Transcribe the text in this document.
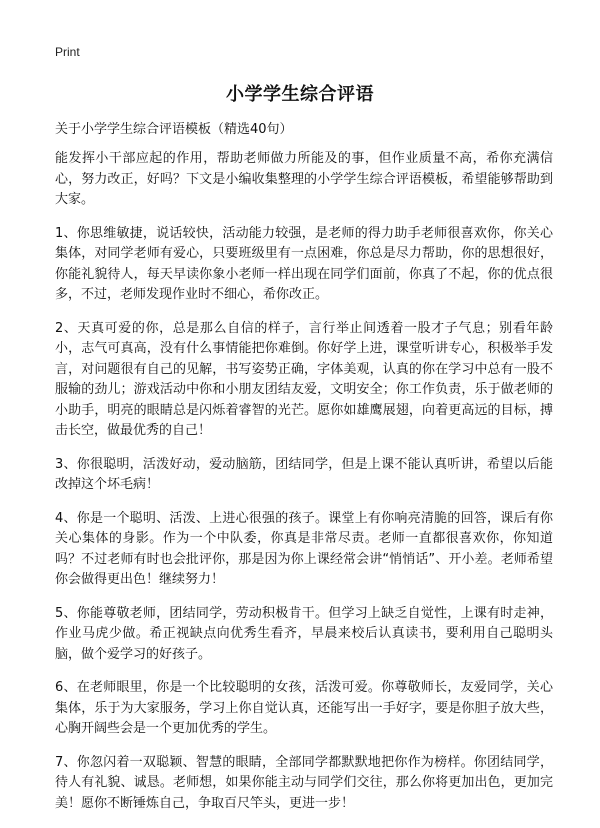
Print
小学学生综合评语
关于小学学生综合评语模板（精选40句）

能发挥小干部应起的作用，帮助老师做力所能及的事，但作业质量不高，希你充满信心，努力改正，好吗？下文是小编收集整理的小学学生综合评语模板，希望能够帮助到大家。

1、你思维敏捷，说话较快，活动能力较强，是老师的得力助手老师很喜欢你，你关心集体，对同学老师有爱心，只要班级里有一点困难，你总是尽力帮助，你的思想很好，你能礼貌待人，每天早读你象小老师一样出现在同学们面前，你真了不起，你的优点很多，不过，老师发现作业时不细心，希你改正。

2、天真可爱的你，总是那么自信的样子，言行举止间透着一股才子气息；别看年龄小，志气可真高，没有什么事情能把你难倒。你好学上进，课堂听讲专心，积极举手发言，对问题很有自己的见解，书写姿势正确，字体美观，认真的你在学习中总有一股不服输的劲儿；游戏活动中你和小朋友团结友爱，文明安全；你工作负责，乐于做老师的小助手，明亮的眼睛总是闪烁着睿智的光芒。愿你如雄鹰展翅，向着更高远的目标，搏击长空，做最优秀的自己！

3、你很聪明，活泼好动，爱动脑筋，团结同学，但是上课不能认真听讲，希望以后能改掉这个坏毛病！

4、你是一个聪明、活泼、上进心很强的孩子。课堂上有你响亮清脆的回答，课后有你关心集体的身影。作为一个中队委，你真是非常尽责。老师一直都很喜欢你，你知道吗？不过老师有时也会批评你，那是因为你上课经常会讲“悄悄话”、开小差。老师希望你会做得更出色！继续努力！

5、你能尊敬老师，团结同学，劳动积极肯干。但学习上缺乏自觉性，上课有时走神，作业马虎少做。希正视缺点向优秀生看齐，早晨来校后认真读书，要利用自己聪明头脑，做个爱学习的好孩子。

6、在老师眼里，你是一个比较聪明的女孩，活泼可爱。你尊敬师长，友爱同学，关心集体，乐于为大家服务，学习上你自觉认真，还能写出一手好字，要是你胆子放大些，心胸开阔些会是一个更加优秀的学生。

7、你忽闪着一双聪颖、智慧的眼睛，全部同学都默默地把你作为榜样。你团结同学，待人有礼貌、诚恳。老师想，如果你能主动与同学们交往，那么你将更加出色，更加完美！愿你不断锤炼自己，争取百尺竿头，更进一步！
